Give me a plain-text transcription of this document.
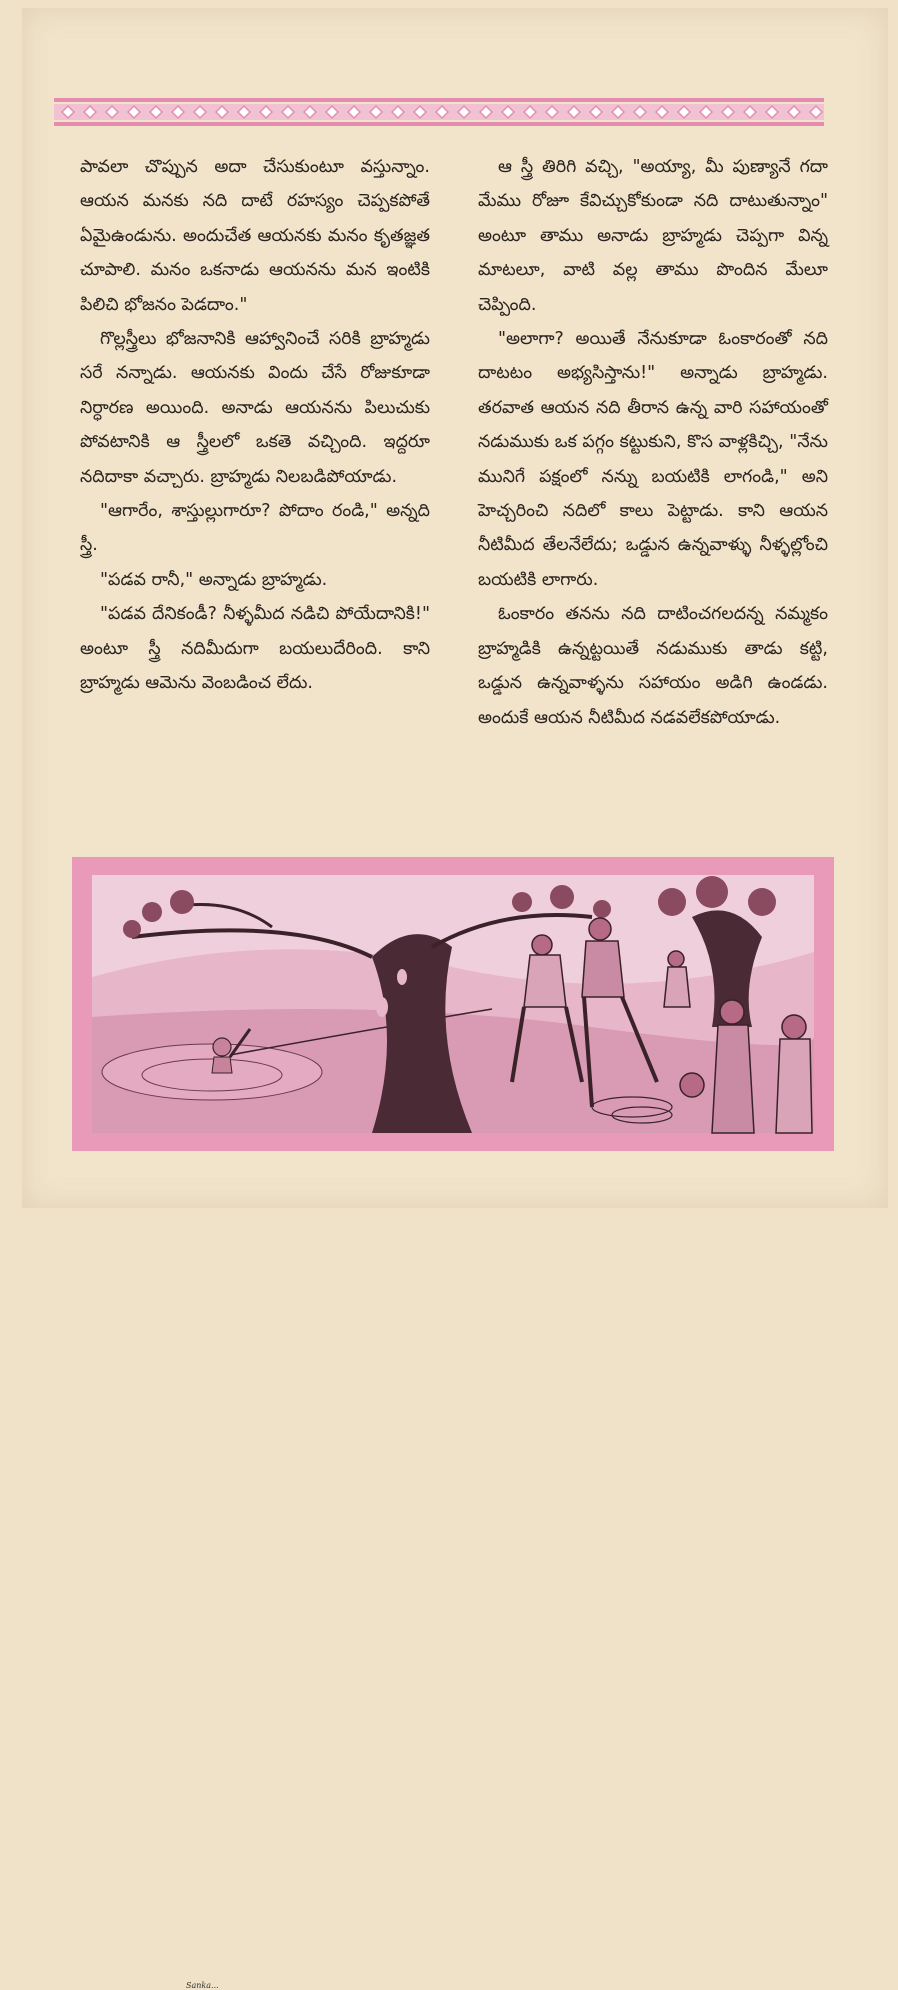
పావలా చొప్పున అదా చేసుకుంటూ వస్తున్నాం. ఆయన మనకు నది దాటే రహస్యం చెప్పకపోతే ఏమైఉండును. అందుచేత ఆయనకు మనం కృతజ్ఞత చూపాలి. మనం ఒకనాడు ఆయనను మన ఇంటికి పిలిచి భోజనం పెడదాం."

గొల్లస్త్రీలు భోజనానికి ఆహ్వానించే సరికి బ్రాహ్మడు సరే నన్నాడు. ఆయనకు విందు చేసే రోజుకూడా నిర్ధారణ అయింది. అనాడు ఆయనను పిలుచుకు పోవటానికి ఆ స్త్రీలలో ఒకతె వచ్చింది. ఇద్దరూ నదిదాకా వచ్చారు. బ్రాహ్మడు నిలబడిపోయాడు.

"ఆగారేం, శాస్తుల్లుగారూ? పోదాం రండి," అన్నది స్త్రీ.

"పడవ రానీ," అన్నాడు బ్రాహ్మడు.

"పడవ దేనికండీ? నీళ్ళమీద నడిచి పోయేదానికి!" అంటూ స్త్రీ నదిమీదుగా బయలుదేరింది. కాని బ్రాహ్మడు ఆమెను వెంబడించ లేదు.

ఆ స్త్రీ తిరిగి వచ్చి, "అయ్యా, మీ పుణ్యానే గదా మేము రోజూ కేవిచ్చుకోకుండా నది దాటుతున్నాం" అంటూ తాము అనాడు బ్రాహ్మడు చెప్పగా విన్న మాటలూ, వాటి వల్ల తాము పొందిన మేలూ చెప్పింది.

"అలాగా? అయితే నేనుకూడా ఓంకారంతో నది దాటటం అభ్యసిస్తాను!" అన్నాడు బ్రాహ్మడు. తరవాత ఆయన నది తీరాన ఉన్న వారి సహాయంతో నడుముకు ఒక పగ్గం కట్టుకుని, కొస వాళ్లకిచ్చి, "నేను మునిగే పక్షంలో నన్ను బయటికి లాగండి," అని హెచ్చరించి నదిలో కాలు పెట్టాడు. కాని ఆయన నీటిమీద తేలనేలేదు; ఒడ్డున ఉన్నవాళ్ళు నీళ్ళల్లోంచి బయటికి లాగారు.

ఓంకారం తనను నది దాటించగలదన్న నమ్మకం బ్రాహ్మడికి ఉన్నట్టయితే నడుముకు తాడు కట్టి, ఒడ్డున ఉన్నవాళ్ళను సహాయం అడిగి ఉండడు. అందుకే ఆయన నీటిమీద నడవలేకపోయాడు.

Sanka...
